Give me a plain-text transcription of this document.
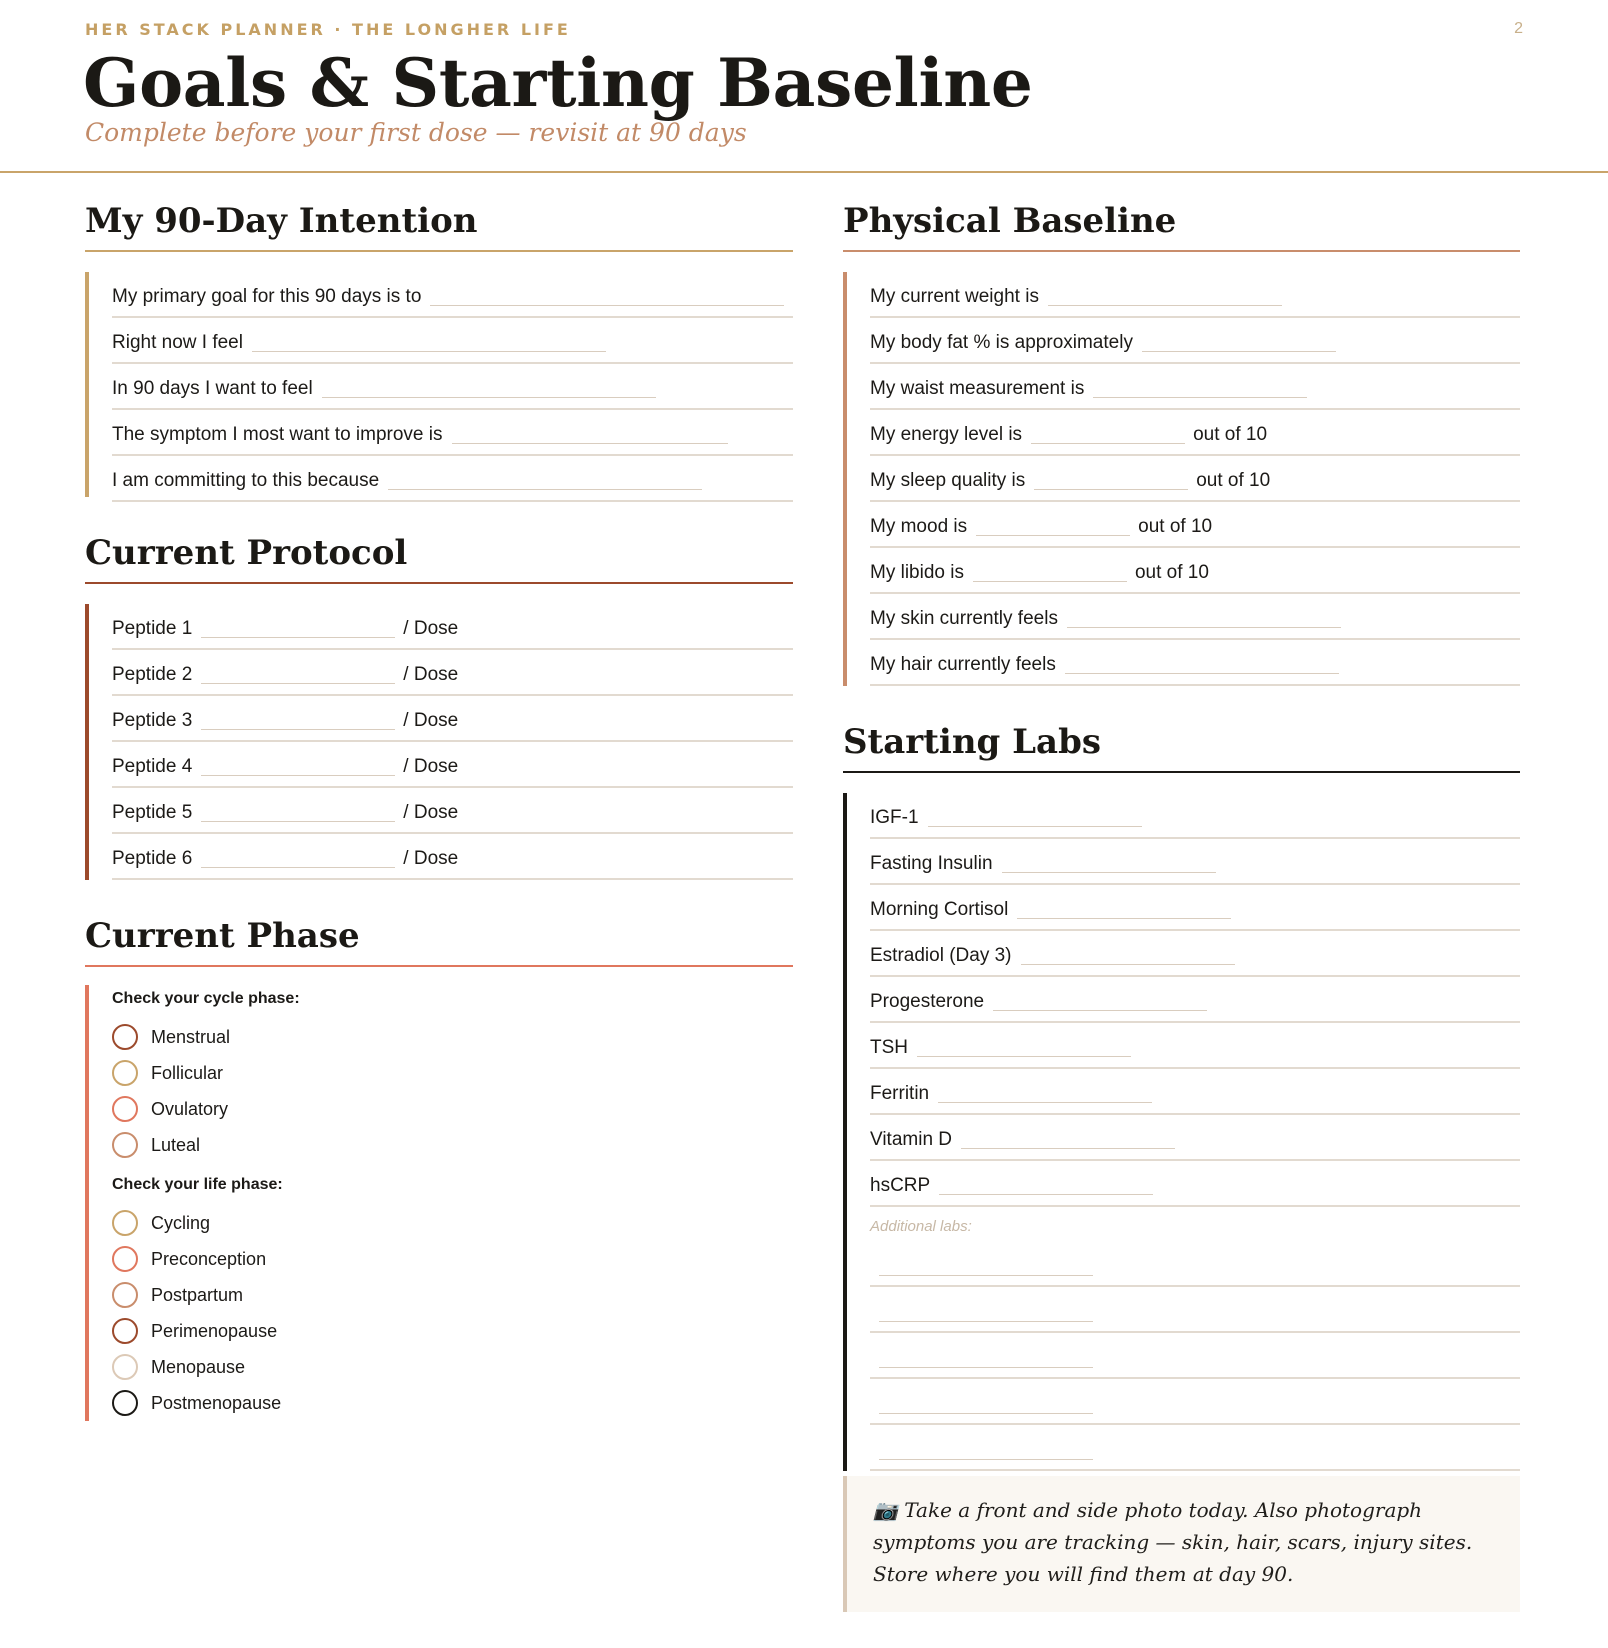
HER STACK PLANNER · THE LONGHER LIFE	2
Goals & Starting Baseline
Complete before your first dose — revisit at 90 days
My 90-Day Intention
My primary goal for this 90 days is to
Right now I feel
In 90 days I want to feel
The symptom I most want to improve is
I am committing to this because
Current Protocol
Peptide 1	/ Dose
Peptide 2	/ Dose
Peptide 3	/ Dose
Peptide 4	/ Dose
Peptide 5	/ Dose
Peptide 6	/ Dose
Current Phase
Check your cycle phase:
Menstrual
Follicular
Ovulatory
Luteal
Check your life phase:
Cycling
Preconception
Postpartum
Perimenopause
Menopause
Postmenopause
Physical Baseline
My current weight is
My body fat % is approximately
My waist measurement is
My energy level is	out of 10
My sleep quality is	out of 10
My mood is	out of 10
My libido is	out of 10
My skin currently feels
My hair currently feels
Starting Labs
IGF-1
Fasting Insulin
Morning Cortisol
Estradiol (Day 3)
Progesterone
TSH
Ferritin
Vitamin D
hsCRP
Additional labs:
📷 Take a front and side photo today. Also photograph symptoms you are tracking — skin, hair, scars, injury sites. Store where you will find them at day 90.
